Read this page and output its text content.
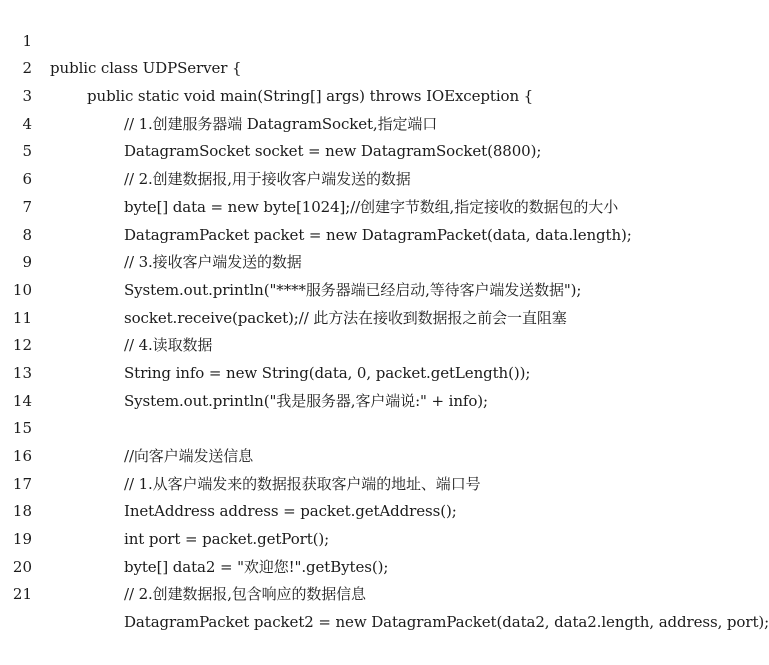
1

public class UDPServer {

2

public static void main(String[] args) throws IOException {

3

// 1.创建服务器端 DatagramSocket,指定端口

4

DatagramSocket socket = new DatagramSocket(8800);

5

// 2.创建数据报,用于接收客户端发送的数据

6

byte[] data = new byte[1024];//创建字节数组,指定接收的数据包的大小

7

DatagramPacket packet = new DatagramPacket(data, data.length);

8

// 3.接收客户端发送的数据

9

System.out.println("****服务器端已经启动,等待客户端发送数据");

10

socket.receive(packet);// 此方法在接收到数据报之前会一直阻塞

11

// 4.读取数据

12

String info = new String(data, 0, packet.getLength());

13

System.out.println("我是服务器,客户端说:" + info);

14

15

//向客户端发送信息

16

// 1.从客户端发来的数据报获取客户端的地址、端口号

17

InetAddress address = packet.getAddress();

18

int port = packet.getPort();

19

byte[] data2 = "欢迎您!".getBytes();

20

// 2.创建数据报,包含响应的数据信息

21

DatagramPacket packet2 = new DatagramPacket(data2, data2.length, address, port);
